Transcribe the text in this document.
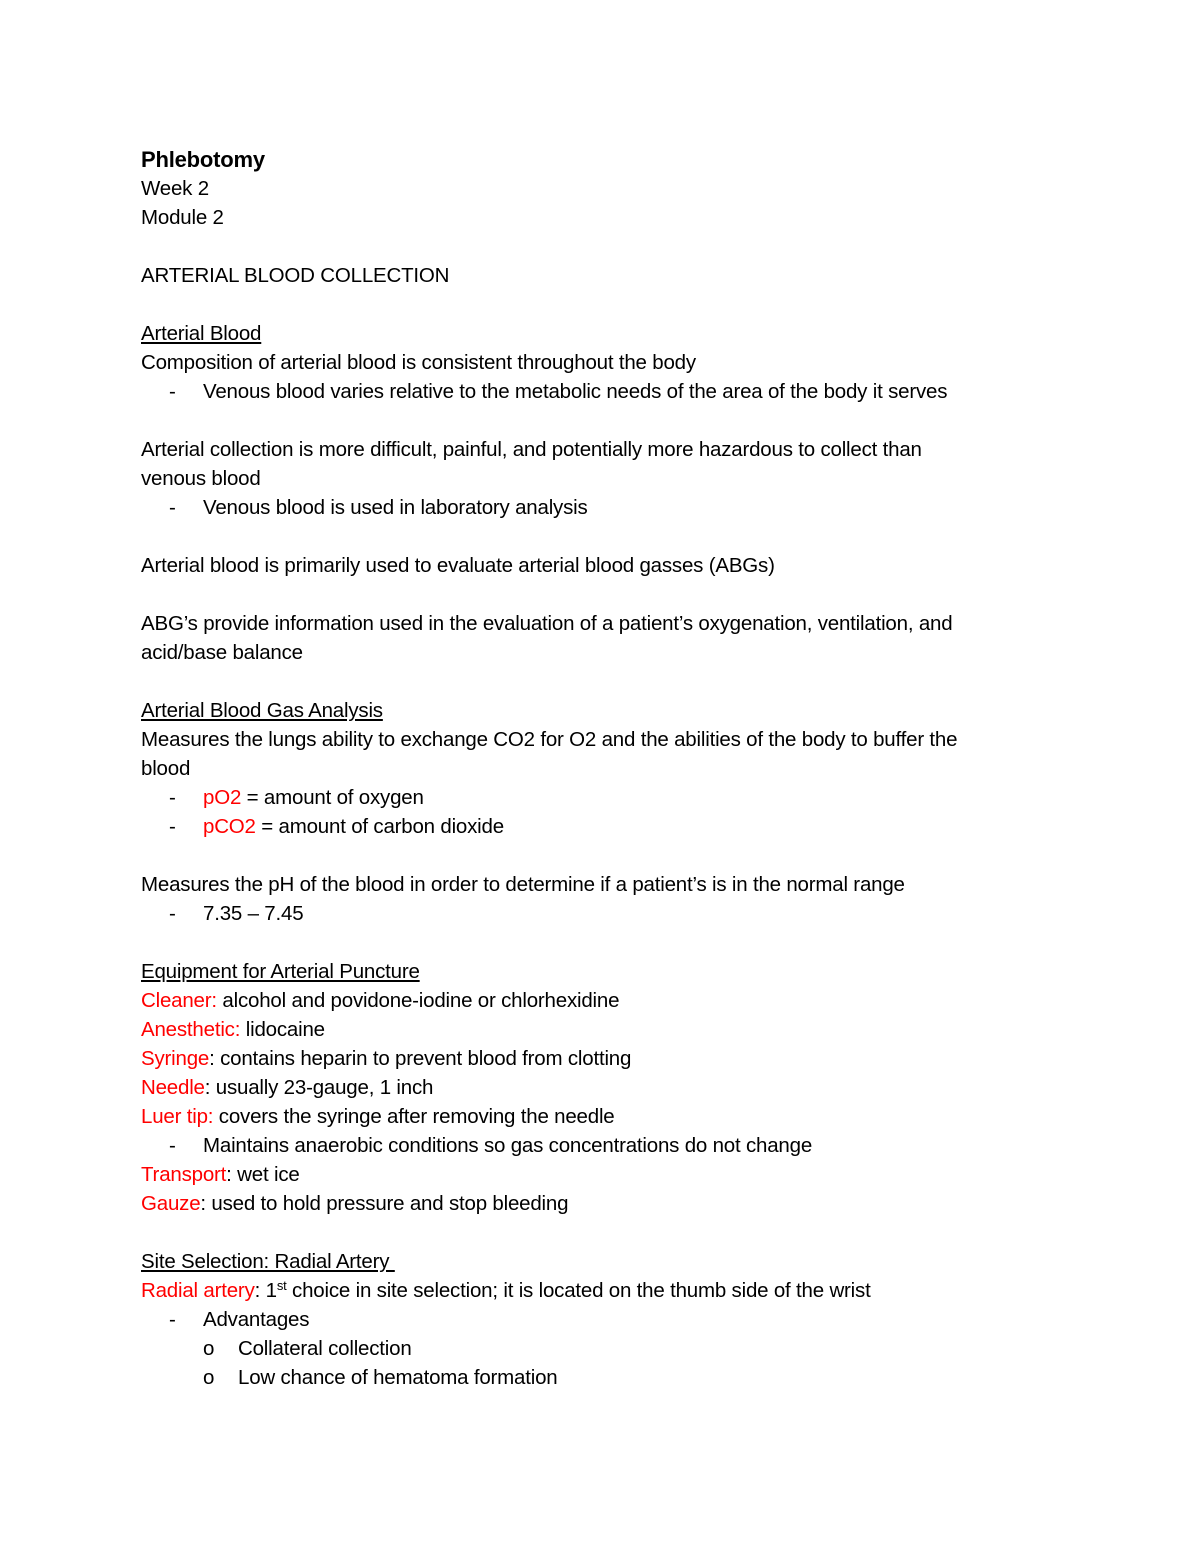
Phlebotomy
Week 2
Module 2
ARTERIAL BLOOD COLLECTION
Arterial Blood
Composition of arterial blood is consistent throughout the body
- Venous blood varies relative to the metabolic needs of the area of the body it serves
Arterial collection is more difficult, painful, and potentially more hazardous to collect than
venous blood
- Venous blood is used in laboratory analysis
Arterial blood is primarily used to evaluate arterial blood gasses (ABGs)
ABG’s provide information used in the evaluation of a patient’s oxygenation, ventilation, and
acid/base balance
Arterial Blood Gas Analysis
Measures the lungs ability to exchange CO2 for O2 and the abilities of the body to buffer the
blood
- pO2 = amount of oxygen
- pCO2 = amount of carbon dioxide
Measures the pH of the blood in order to determine if a patient’s is in the normal range
- 7.35 – 7.45
Equipment for Arterial Puncture
Cleaner: alcohol and povidone-iodine or chlorhexidine
Anesthetic: lidocaine
Syringe: contains heparin to prevent blood from clotting
Needle: usually 23-gauge, 1 inch
Luer tip: covers the syringe after removing the needle
- Maintains anaerobic conditions so gas concentrations do not change
Transport: wet ice
Gauze: used to hold pressure and stop bleeding
Site Selection: Radial Artery
Radial artery: 1st choice in site selection; it is located on the thumb side of the wrist
- Advantages
o Collateral collection
o Low chance of hematoma formation
